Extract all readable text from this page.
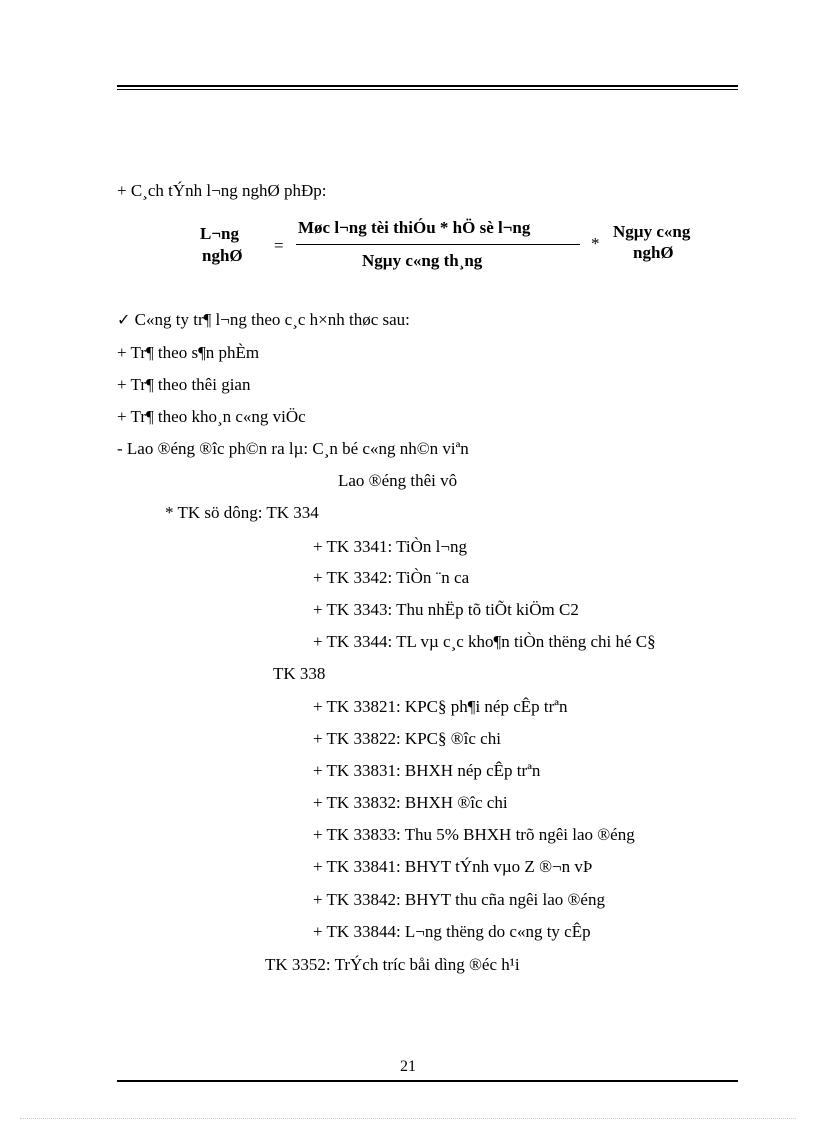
+ C¸ch tÝnh l¬ng nghØ phÐp:
L¬ng
nghØ
=
Møc l¬ng tèi thiÓu * hÖ sè l¬ng
Ngµy c«ng th¸ng
*
Ngµy c«ng
nghØ
✓ C«ng ty tr¶ l¬ng theo c¸c h×nh thøc sau:
+ Tr¶ theo s¶n phÈm
+ Tr¶ theo thêi gian
+ Tr¶ theo kho¸n c«ng viÖc
- Lao ®éng ®îc ph©n ra lµ: C¸n bé c«ng nh©n viªn
Lao ®éng thêi vô
* TK sö dông: TK 334
+ TK 3341: TiÒn l¬ng
+ TK 3342: TiÒn ¨n ca
+ TK 3343: Thu nhËp tõ tiÕt kiÖm C2
+ TK 3344: TL vµ c¸c kho¶n tiÒn thëng chi hé C§
TK 338
+ TK 33821: KPC§ ph¶i nép cÊp trªn
+ TK 33822: KPC§ ®îc chi
+ TK 33831: BHXH nép cÊp trªn
+ TK 33832: BHXH ®îc chi
+ TK 33833: Thu 5% BHXH trõ ngêi lao ®éng
+ TK 33841: BHYT tÝnh vµo Z ®¬n vÞ
+ TK 33842: BHYT thu cña ngêi lao ®éng
+ TK 33844: L¬ng thëng do c«ng ty cÊp
TK 3352: TrÝch tríc båi dìng ®éc h¹i
21
